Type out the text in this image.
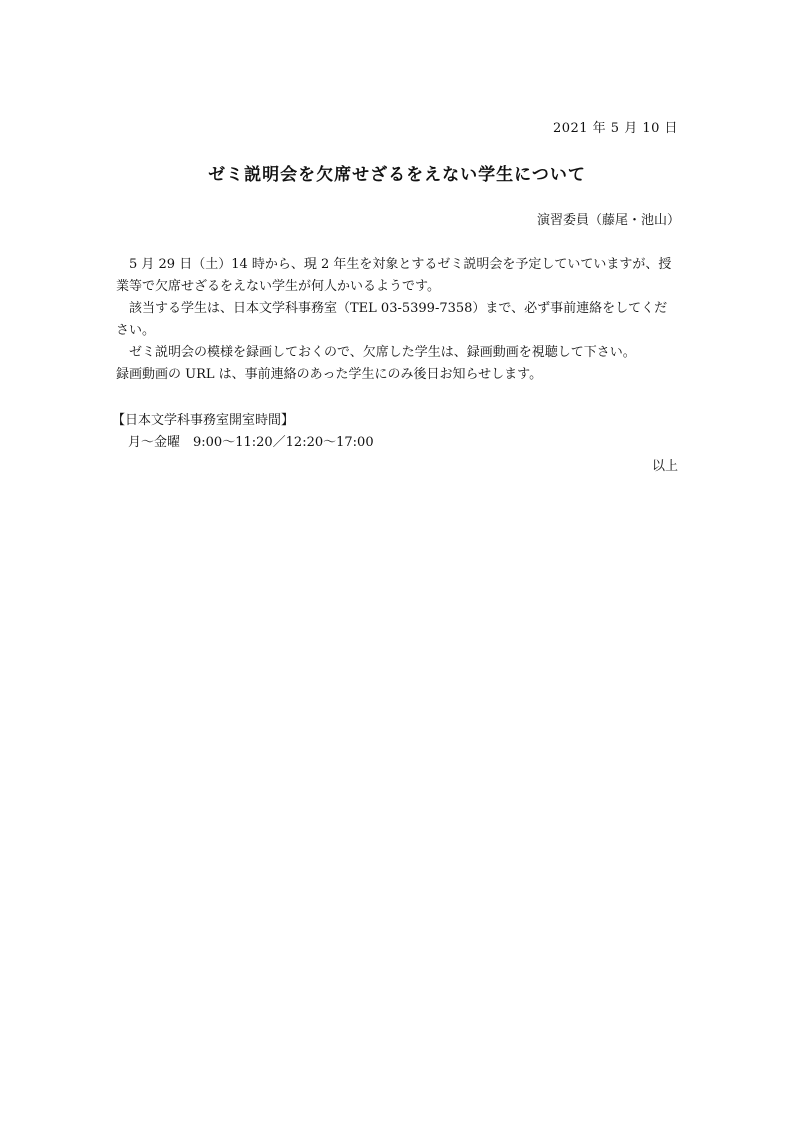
2021 年 5 月 10 日
ゼミ説明会を欠席せざるをえない学生について
演習委員（藤尾・池山）

5 月 29 日（土）14 時から、現 2 年生を対象とするゼミ説明会を予定していていますが、授業等で欠席せざるをえない学生が何人かいるようです。

該当する学生は、日本文学科事務室（TEL 03-5399-7358）まで、必ず事前連絡をしてください。

ゼミ説明会の模様を録画しておくので、欠席した学生は、録画動画を視聴して下さい。

録画動画の URL は、事前連絡のあった学生にのみ後日お知らせします。

【日本文学科事務室開室時間】
月～金曜　9:00～11:20／12:20～17:00
以上
